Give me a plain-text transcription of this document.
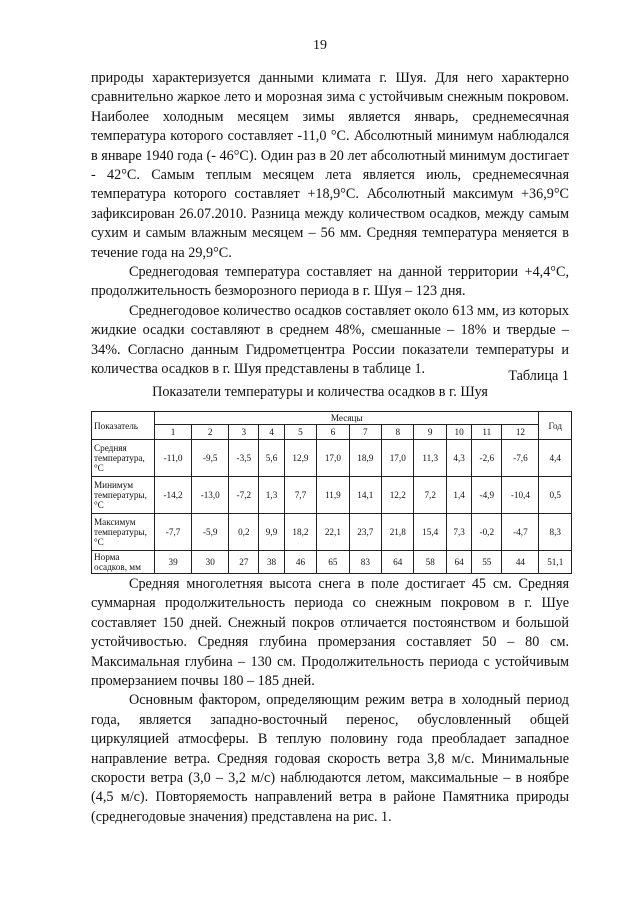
19

природы характеризуется данными климата г. Шуя. Для него характерно сравнительно жаркое лето и морозная зима с устойчивым снежным покровом. Наиболее холодным месяцем зимы является январь, среднемесячная температура которого составляет -11,0 °С. Абсолютный минимум наблюдался в январе 1940 года (- 46°С). Один раз в 20 лет абсолютный минимум достигает - 42°С. Самым теплым месяцем лета является июль, среднемесячная температура которого составляет +18,9°С. Абсолютный максимум +36,9°С зафиксирован 26.07.2010. Разница между количеством осадков, между самым сухим и самым влажным месяцем – 56 мм. Средняя температура меняется в течение года на 29,9°С.

Среднегодовая температура составляет на данной территории +4,4°С, продолжительность безморозного периода в г. Шуя – 123 дня.

Среднегодовое количество осадков составляет около 613 мм, из которых жидкие осадки составляют в среднем 48%, смешанные – 18% и твердые – 34%. Согласно данным Гидрометцентра России показатели температуры и количества осадков в г. Шуя представлены в таблице 1.	Таблица 1
Показатели температуры и количества осадков в г. Шуя
Показатель	Месяцы												Год
	1	2	3	4	5	6	7	8	9	10	11	12	
Средняя температура, °С	-11,0	-9,5	-3,5	5,6	12,9	17,0	18,9	17,0	11,3	4,3	-2,6	-7,6	4,4
Минимум температуры, °С	-14,2	-13,0	-7,2	1,3	7,7	11,9	14,1	12,2	7,2	1,4	-4,9	-10,4	0,5
Максимум температуры, °С	-7,7	-5,9	0,2	9,9	18,2	22,1	23,7	21,8	15,4	7,3	-0,2	-4,7	8,3
Норма осадков, мм	39	30	27	38	46	65	83	64	58	64	55	44	51,1

Средняя многолетняя высота снега в поле достигает 45 см. Средняя суммарная продолжительность периода со снежным покровом в г. Шуе составляет 150 дней. Снежный покров отличается постоянством и большой устойчивостью. Средняя глубина промерзания составляет 50 – 80 см. Максимальная глубина – 130 см. Продолжительность периода с устойчивым промерзанием почвы 180 – 185 дней.

Основным фактором, определяющим режим ветра в холодный период года, является западно-восточный перенос, обусловленный общей циркуляцией атмосферы. В теплую половину года преобладает западное направление ветра. Средняя годовая скорость ветра 3,8 м/с. Минимальные скорости ветра (3,0 – 3,2 м/с) наблюдаются летом, максимальные – в ноябре (4,5 м/с). Повторяемость направлений ветра в районе Памятника природы (среднегодовые значения) представлена на рис. 1.
